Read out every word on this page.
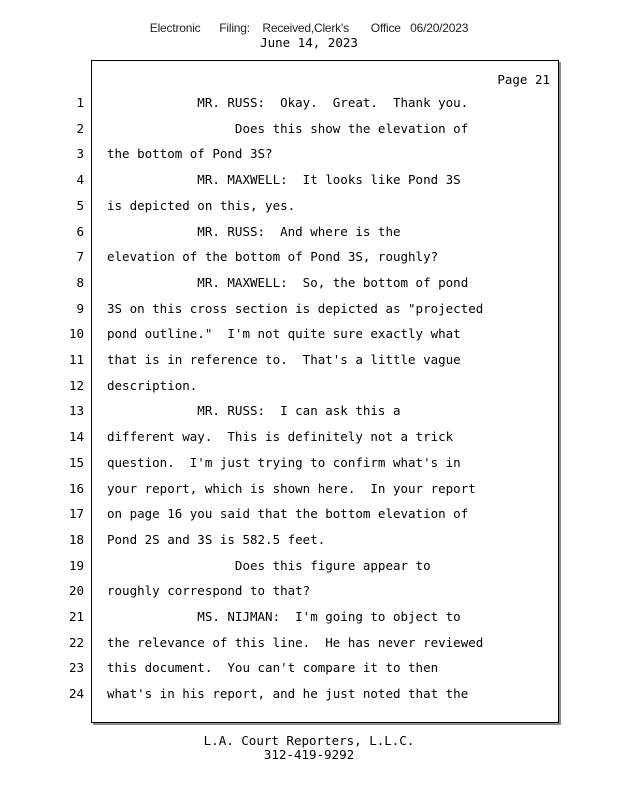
Electronic      Filing:    Received,Clerk's       Office   06/20/2023
June 14, 2023
Page 21
1 MR. RUSS:  Okay.  Great.  Thank you.
2 Does this show the elevation of
3 the bottom of Pond 3S?
4 MR. MAXWELL:  It looks like Pond 3S
5 is depicted on this, yes.
6 MR. RUSS:  And where is the
7 elevation of the bottom of Pond 3S, roughly?
8 MR. MAXWELL:  So, the bottom of pond
9 3S on this cross section is depicted as "projected
10 pond outline."  I'm not quite sure exactly what
11 that is in reference to.  That's a little vague
12 description.
13 MR. RUSS:  I can ask this a
14 different way.  This is definitely not a trick
15 question.  I'm just trying to confirm what's in
16 your report, which is shown here.  In your report
17 on page 16 you said that the bottom elevation of
18 Pond 2S and 3S is 582.5 feet.
19 Does this figure appear to
20 roughly correspond to that?
21 MS. NIJMAN:  I'm going to object to
22 the relevance of this line.  He has never reviewed
23 this document.  You can't compare it to then
24 what's in his report, and he just noted that the
L.A. Court Reporters, L.L.C.
312-419-9292
